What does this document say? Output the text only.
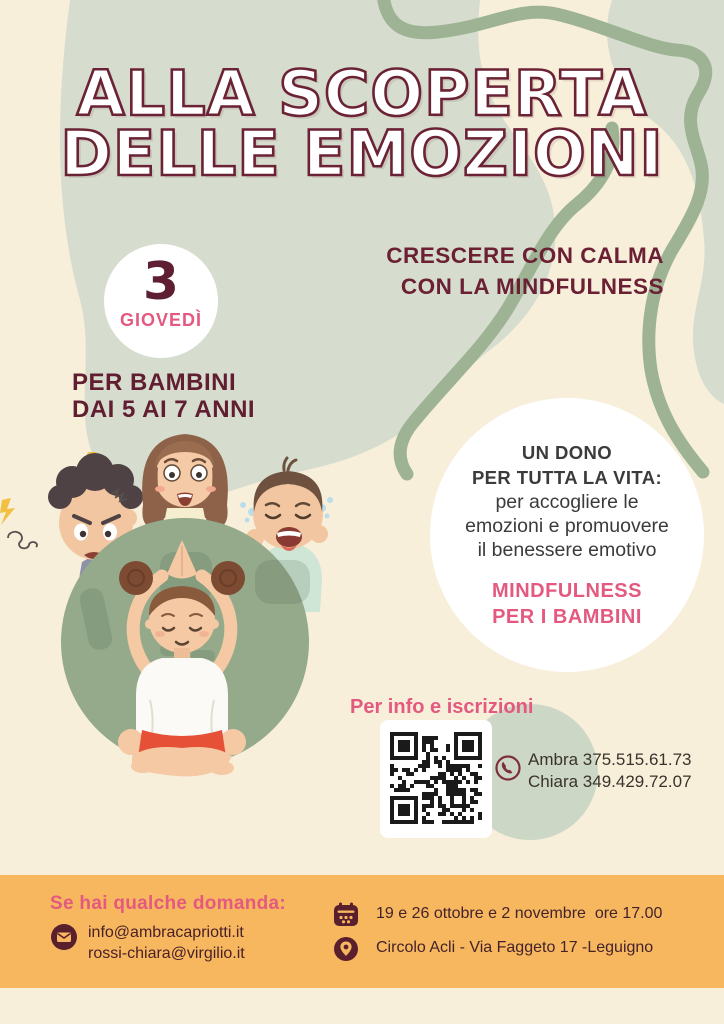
ALLA SCOPERTA
DELLE EMOZIONI
3
GIOVEDÌ
PER BAMBINI
DAI 5 AI 7 ANNI
CRESCERE CON CALMA
CON LA MINDFULNESS
UN DONO
PER TUTTA LA VITA:
per accogliere le
emozioni e promuovere
il benessere emotivo
MINDFULNESS
PER I BAMBINI
Per info e iscrizioni
Ambra 375.515.61.73
Chiara 349.429.72.07
Se hai qualche domanda:
info@ambracapriotti.it
rossi-chiara@virgilio.it
19 e 26 ottobre e 2 novembre  ore 17.00
Circolo Acli - Via Faggeto 17 -Leguigno
